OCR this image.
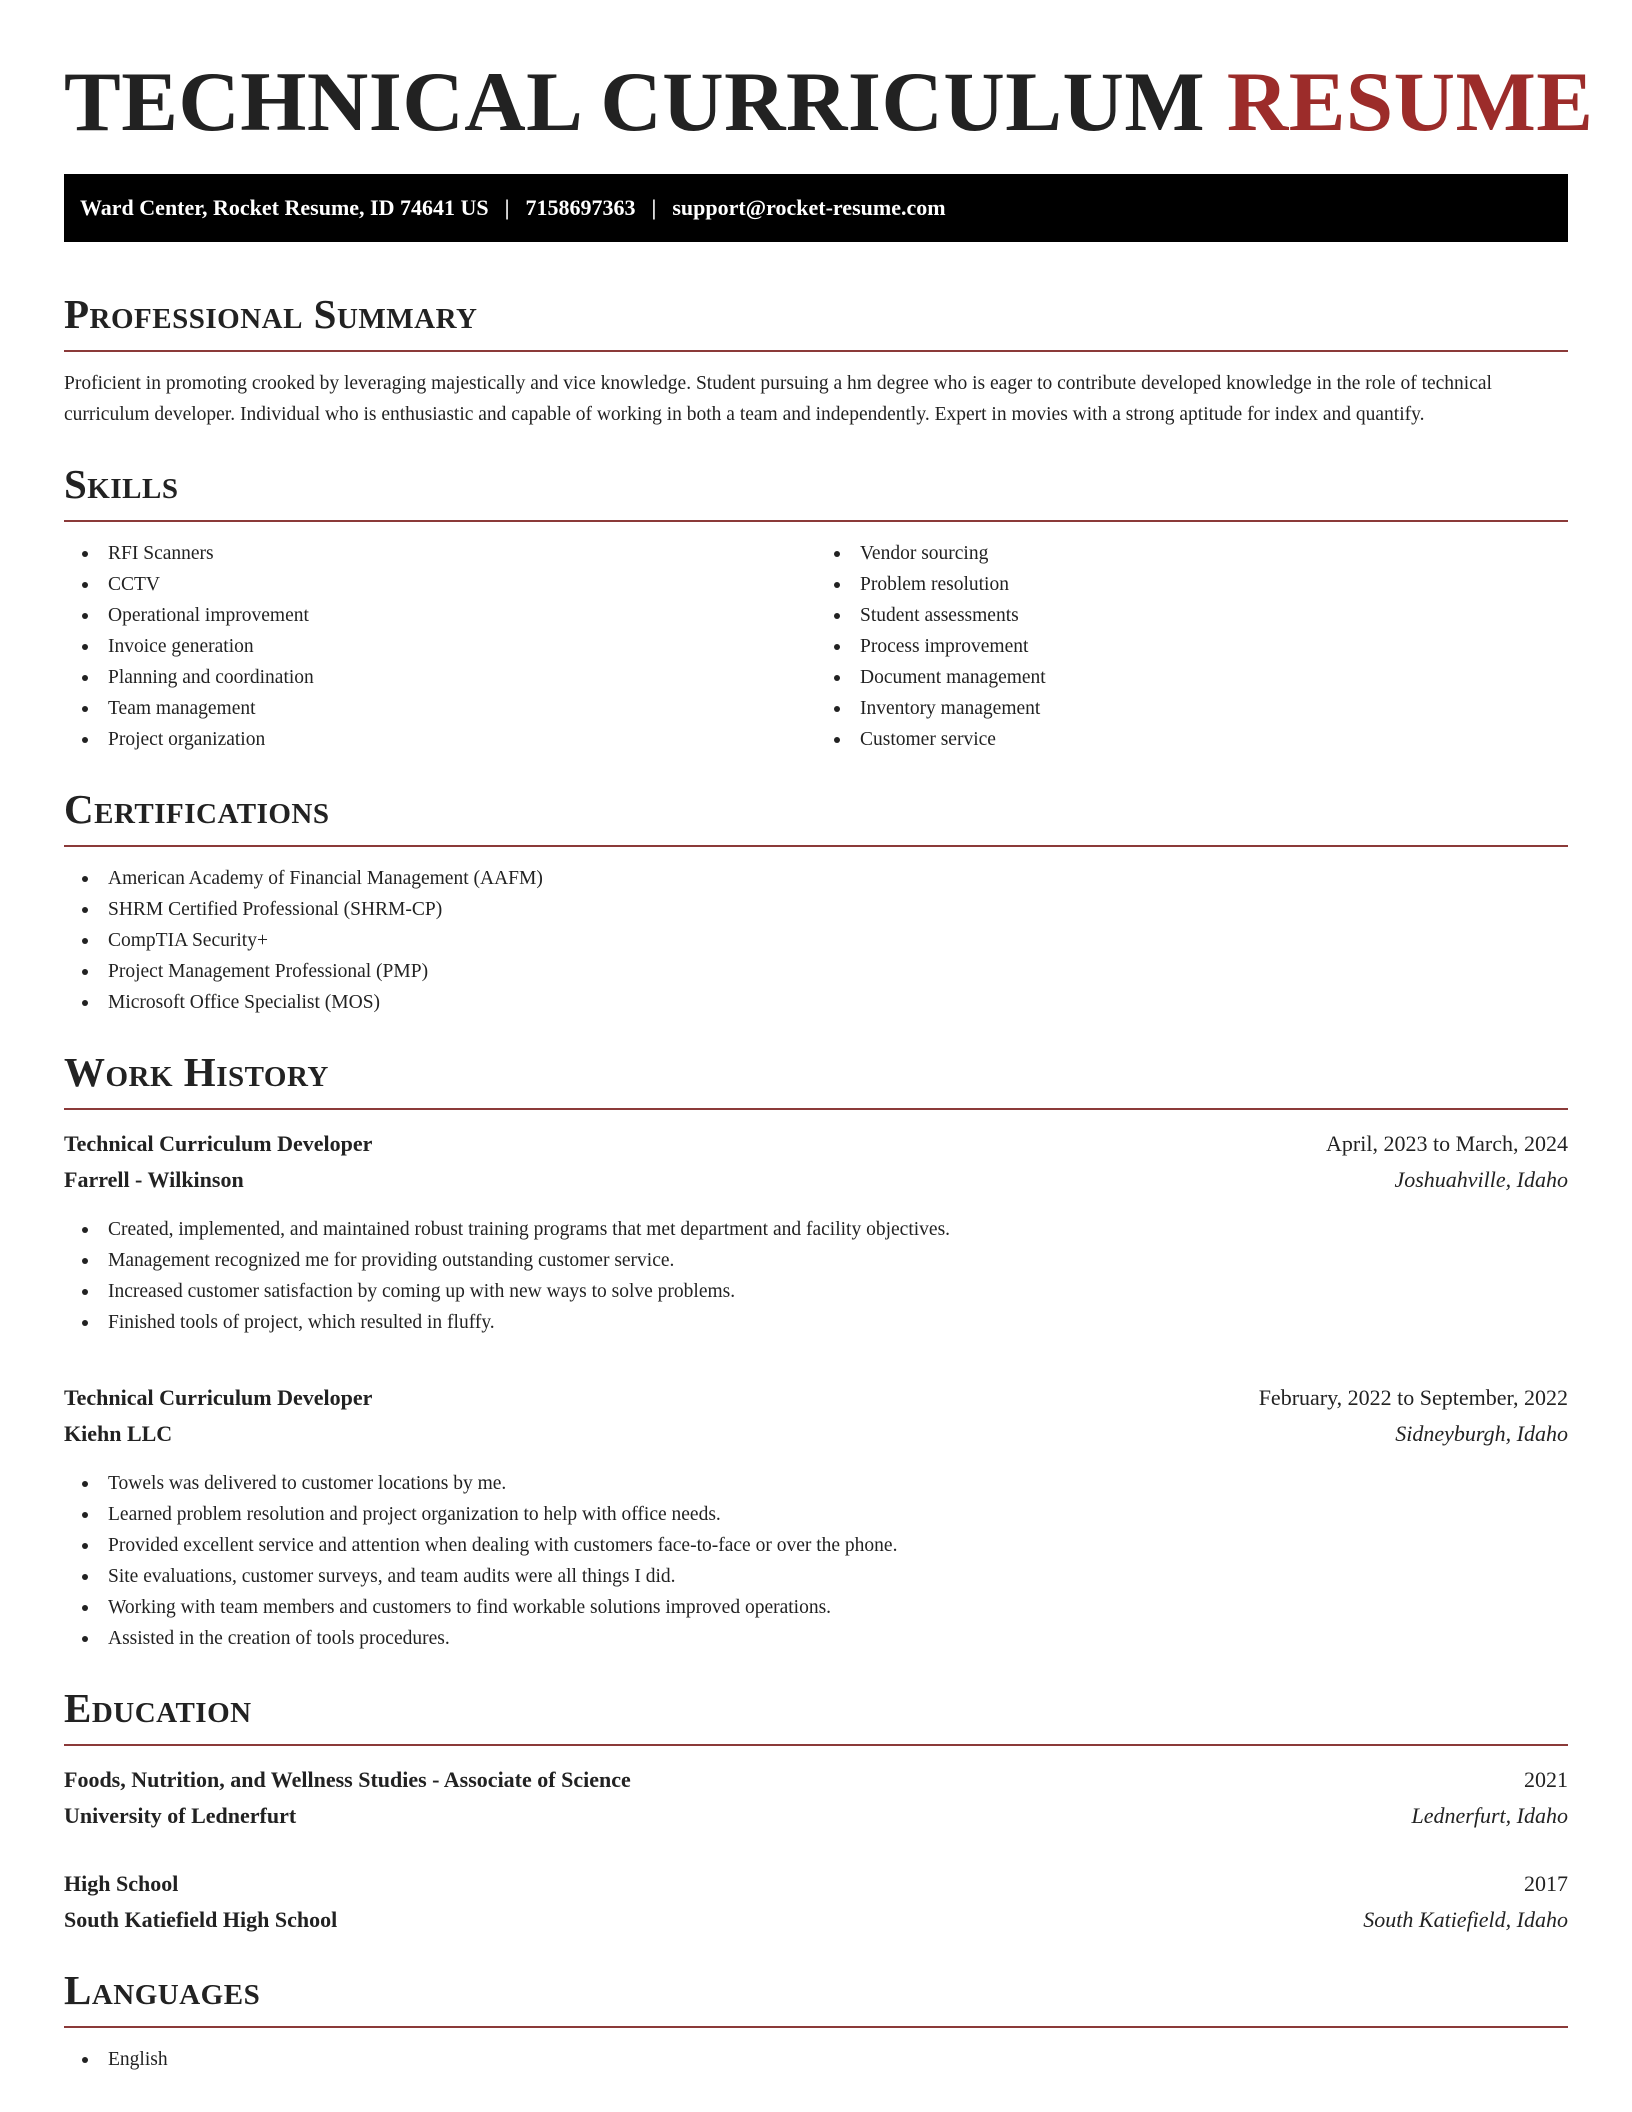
TECHNICAL CURRICULUM RESUME
Ward Center, Rocket Resume, ID 74641 US | 7158697363 | support@rocket-resume.com
Professional Summary

Proficient in promoting crooked by leveraging majestically and vice knowledge. Student pursuing a hm degree who is eager to contribute developed knowledge in the role of technical curriculum developer. Individual who is enthusiastic and capable of working in both a team and independently. Expert in movies with a strong aptitude for index and quantify.

Skills
RFI Scanners
CCTV
Operational improvement
Invoice generation
Planning and coordination
Team management
Project organization
Vendor sourcing
Problem resolution
Student assessments
Process improvement
Document management
Inventory management
Customer service
Certifications
American Academy of Financial Management (AAFM)
SHRM Certified Professional (SHRM-CP)
CompTIA Security+
Project Management Professional (PMP)
Microsoft Office Specialist (MOS)
Work History
Technical Curriculum Developer	April, 2023 to March, 2024
Farrell - Wilkinson	Joshuahville, Idaho
Created, implemented, and maintained robust training programs that met department and facility objectives.
Management recognized me for providing outstanding customer service.
Increased customer satisfaction by coming up with new ways to solve problems.
Finished tools of project, which resulted in fluffy.
Technical Curriculum Developer	February, 2022 to September, 2022
Kiehn LLC	Sidneyburgh, Idaho
Towels was delivered to customer locations by me.
Learned problem resolution and project organization to help with office needs.
Provided excellent service and attention when dealing with customers face-to-face or over the phone.
Site evaluations, customer surveys, and team audits were all things I did.
Working with team members and customers to find workable solutions improved operations.
Assisted in the creation of tools procedures.
Education
Foods, Nutrition, and Wellness Studies - Associate of Science	2021
University of Lednerfurt	Lednerfurt, Idaho
High School	2017
South Katiefield High School	South Katiefield, Idaho
Languages
English
